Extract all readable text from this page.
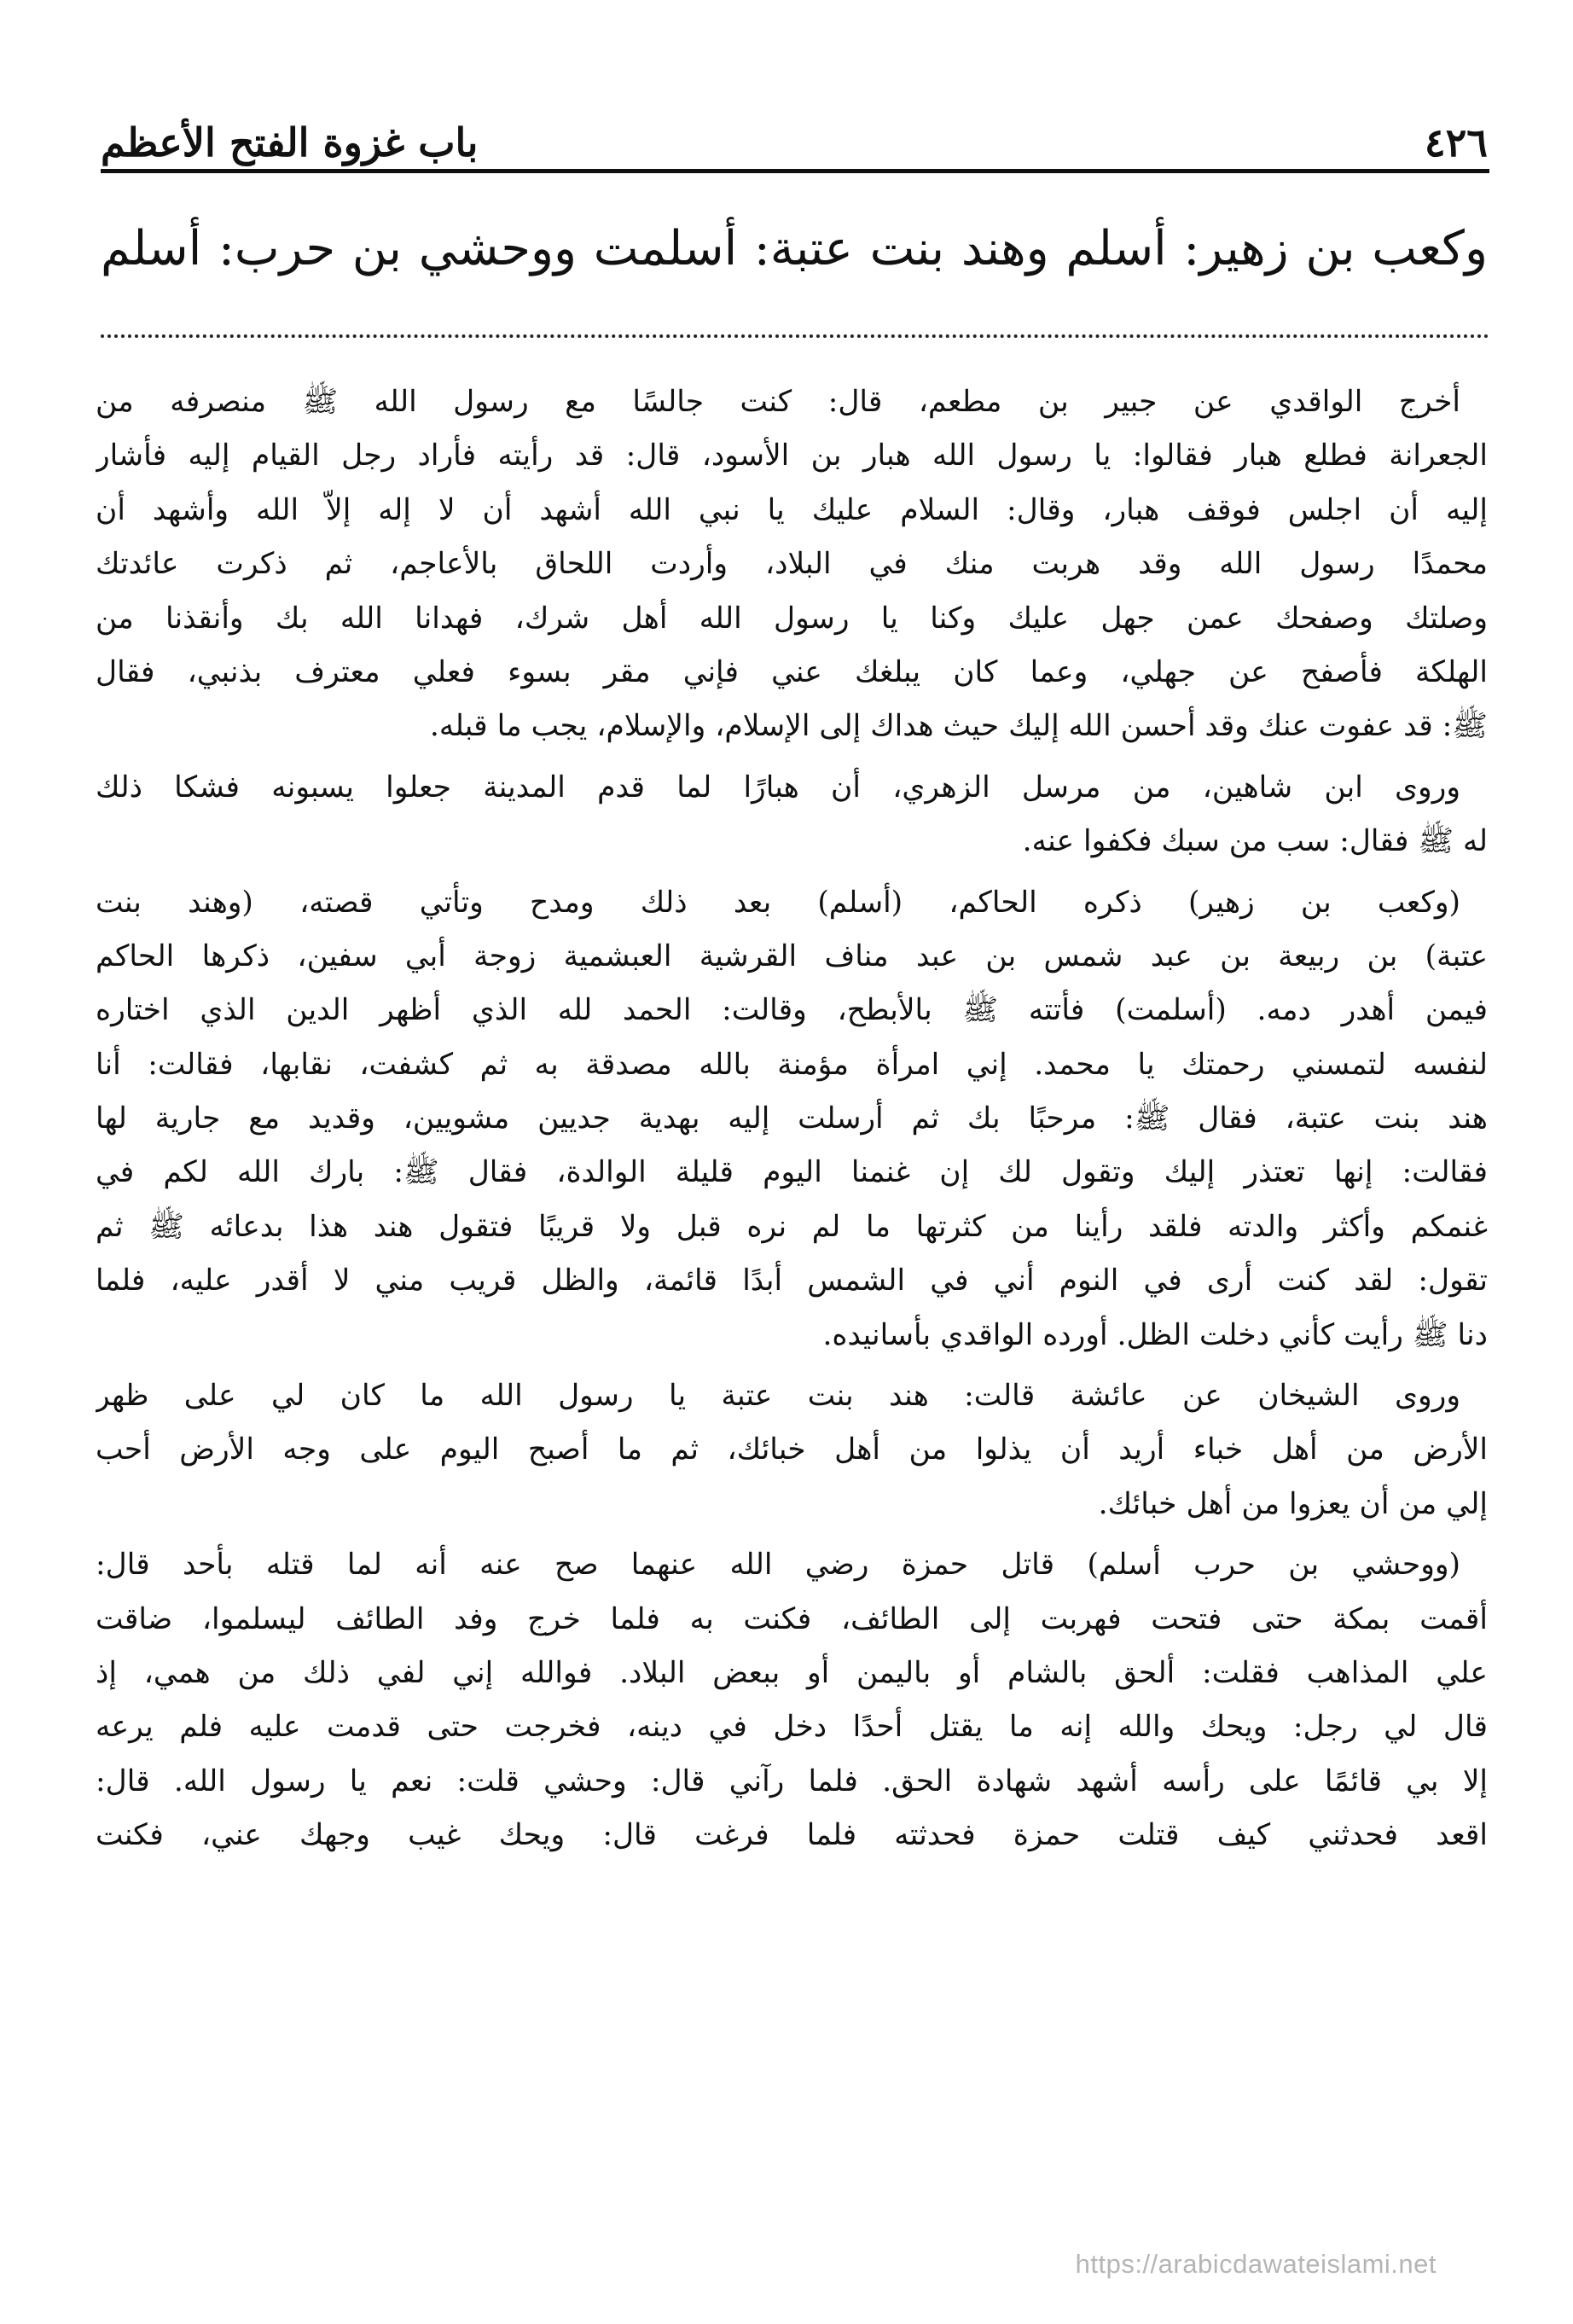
٤٢٦
باب غزوة الفتح الأعظم
وكعب بن زهير: أسلم وهند بنت عتبة: أسلمت ووحشي بن حرب: أسلم
أخرج الواقدي عن جبير بن مطعم، قال: كنت جالسًا مع رسول الله ﷺ منصرفه من
الجعرانة فطلع هبار فقالوا: يا رسول الله هبار بن الأسود، قال: قد رأيته فأراد رجل القيام إليه فأشار
إليه أن اجلس فوقف هبار، وقال: السلام عليك يا نبي الله أشهد أن لا إله إلاّ الله وأشهد أن
محمدًا رسول الله وقد هربت منك في البلاد، وأردت اللحاق بالأعاجم، ثم ذكرت عائدتك
وصلتك وصفحك عمن جهل عليك وكنا يا رسول الله أهل شرك، فهدانا الله بك وأنقذنا من
الهلكة فأصفح عن جهلي، وعما كان يبلغك عني فإني مقر بسوء فعلي معترف بذنبي، فقال
ﷺ: قد عفوت عنك وقد أحسن الله إليك حيث هداك إلى الإسلام، والإسلام، يجب ما قبله.
وروى ابن شاهين، من مرسل الزهري، أن هبارًا لما قدم المدينة جعلوا يسبونه فشكا ذلك
له ﷺ فقال: سب من سبك فكفوا عنه.
(وكعب بن زهير) ذكره الحاكم، (أسلم) بعد ذلك ومدح وتأتي قصته، (وهند بنت
عتبة) بن ربيعة بن عبد شمس بن عبد مناف القرشية العبشمية زوجة أبي سفين، ذكرها الحاكم
فيمن أهدر دمه. (أسلمت) فأتته ﷺ بالأبطح، وقالت: الحمد لله الذي أظهر الدين الذي اختاره
لنفسه لتمسني رحمتك يا محمد. إني امرأة مؤمنة بالله مصدقة به ثم كشفت، نقابها، فقالت: أنا
هند بنت عتبة، فقال ﷺ: مرحبًا بك ثم أرسلت إليه بهدية جديين مشويين، وقديد مع جارية لها
فقالت: إنها تعتذر إليك وتقول لك إن غنمنا اليوم قليلة الوالدة، فقال ﷺ: بارك الله لكم في
غنمكم وأكثر والدته فلقد رأينا من كثرتها ما لم نره قبل ولا قريبًا فتقول هند هذا بدعائه ﷺ ثم
تقول: لقد كنت أرى في النوم أني في الشمس أبدًا قائمة، والظل قريب مني لا أقدر عليه، فلما
دنا ﷺ رأيت كأني دخلت الظل. أورده الواقدي بأسانيده.
وروى الشيخان عن عائشة قالت: هند بنت عتبة يا رسول الله ما كان لي على ظهر
الأرض من أهل خباء أريد أن يذلوا من أهل خبائك، ثم ما أصبح اليوم على وجه الأرض أحب
إلي من أن يعزوا من أهل خبائك.
(ووحشي بن حرب أسلم) قاتل حمزة رضي الله عنهما صح عنه أنه لما قتله بأحد قال:
أقمت بمكة حتى فتحت فهربت إلى الطائف، فكنت به فلما خرج وفد الطائف ليسلموا، ضاقت
علي المذاهب فقلت: ألحق بالشام أو باليمن أو ببعض البلاد. فوالله إني لفي ذلك من همي، إذ
قال لي رجل: ويحك والله إنه ما يقتل أحدًا دخل في دينه، فخرجت حتى قدمت عليه فلم يرعه
إلا بي قائمًا على رأسه أشهد شهادة الحق. فلما رآني قال: وحشي قلت: نعم يا رسول الله. قال:
اقعد فحدثني كيف قتلت حمزة فحدثته فلما فرغت قال: ويحك غيب وجهك عني، فكنت
https://arabicdawateislami.net
